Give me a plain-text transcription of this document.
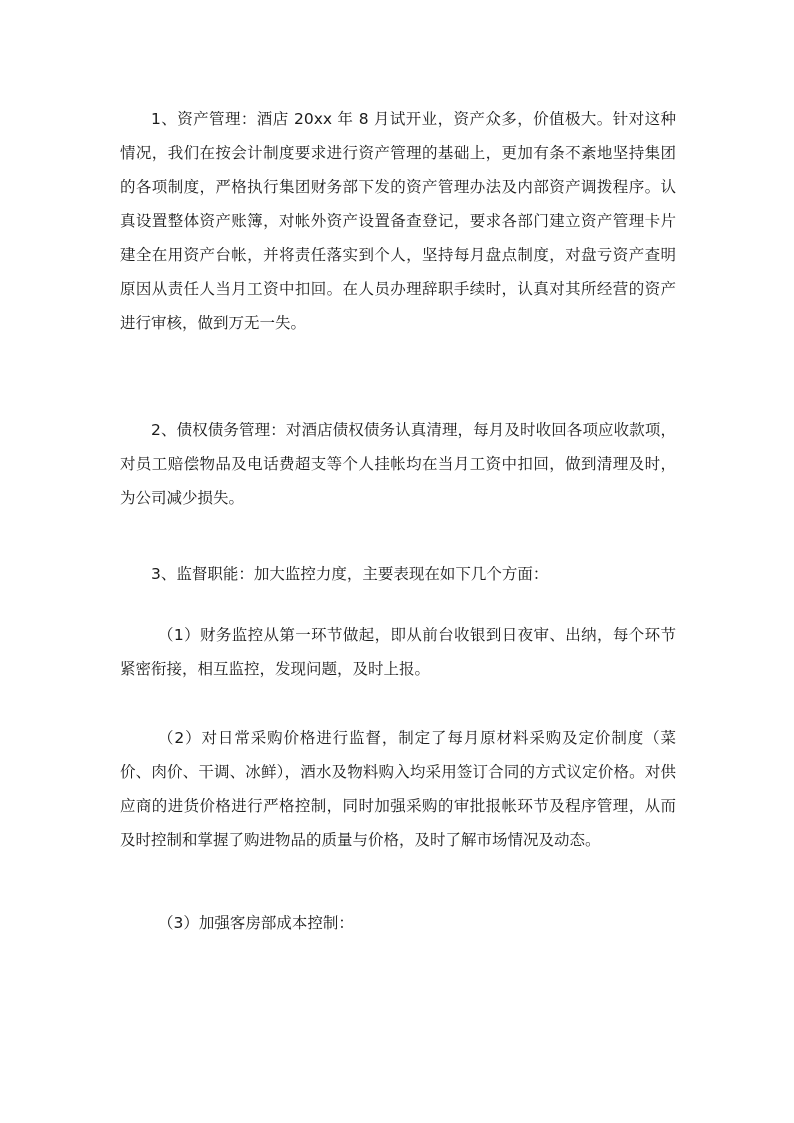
1、资产管理：酒店 20xx 年 8 月试开业，资产众多，价值极大。针对这种情况，我们在按会计制度要求进行资产管理的基础上，更加有条不紊地坚持集团的各项制度，严格执行集团财务部下发的资产管理办法及内部资产调拨程序。认真设置整体资产账簿，对帐外资产设置备查登记，要求各部门建立资产管理卡片建全在用资产台帐，并将责任落实到个人，坚持每月盘点制度，对盘亏资产查明原因从责任人当月工资中扣回。在人员办理辞职手续时，认真对其所经营的资产进行审核，做到万无一失。

2、债权债务管理：对酒店债权债务认真清理，每月及时收回各项应收款项，对员工赔偿物品及电话费超支等个人挂帐均在当月工资中扣回，做到清理及时，为公司减少损失。

3、监督职能：加大监控力度，主要表现在如下几个方面：

（1）财务监控从第一环节做起，即从前台收银到日夜审、出纳，每个环节紧密衔接，相互监控，发现问题，及时上报。

（2）对日常采购价格进行监督，制定了每月原材料采购及定价制度（菜价、肉价、干调、冰鲜），酒水及物料购入均采用签订合同的方式议定价格。对供应商的进货价格进行严格控制，同时加强采购的审批报帐环节及程序管理，从而及时控制和掌握了购进物品的质量与价格，及时了解市场情况及动态。

（3）加强客房部成本控制：
